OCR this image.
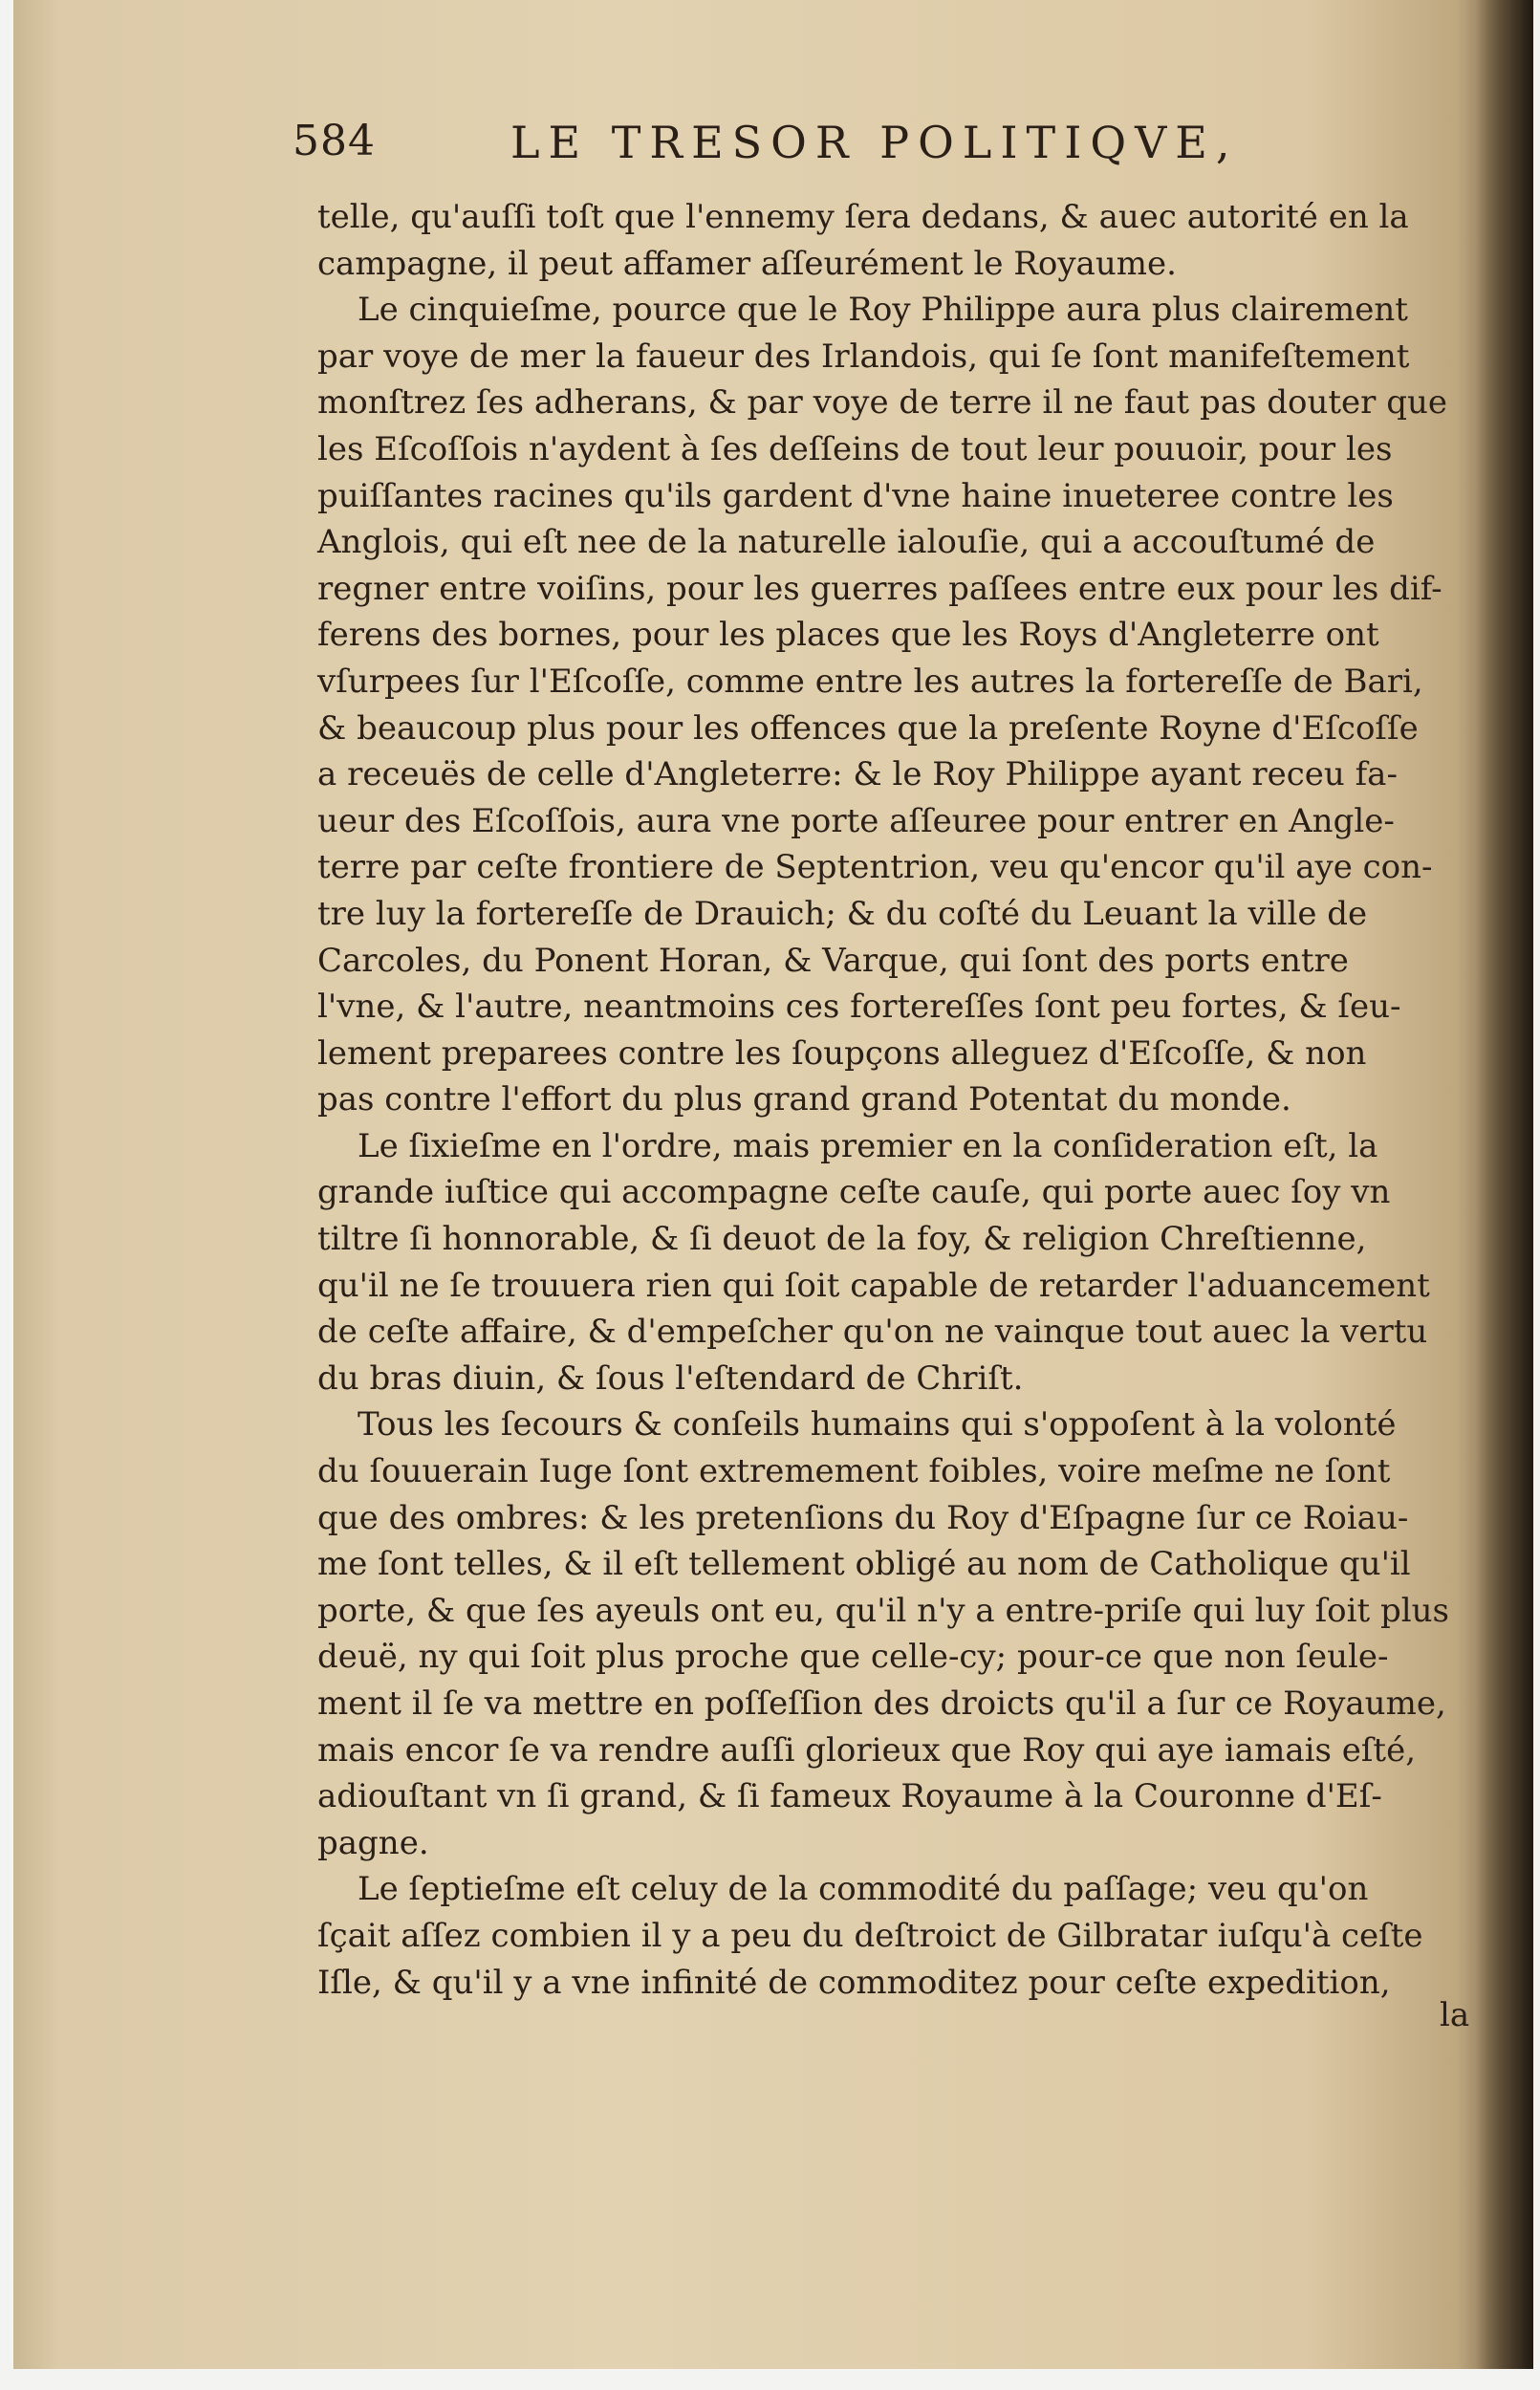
584	LE TRESOR POLITIQVE,
telle, qu'auſſi toſt que l'ennemy ſera dedans, & auec autorité en la
campagne, il peut affamer aſſeurément le Royaume.
Le cinquieſme, pource que le Roy Philippe aura plus clairement
par voye de mer la faueur des Irlandois, qui ſe ſont manifeſtement
monſtrez ſes adherans, & par voye de terre il ne faut pas douter que
les Eſcoſſois n'aydent à ſes deſſeins de tout leur pouuoir, pour les
puiſſantes racines qu'ils gardent d'vne haine inueteree contre les
Anglois, qui eſt nee de la naturelle ialouſie, qui a accouſtumé de
regner entre voiſins, pour les guerres paſſees entre eux pour les dif-
ferens des bornes, pour les places que les Roys d'Angleterre ont
vſurpees ſur l'Eſcoſſe, comme entre les autres la fortereſſe de Bari,
& beaucoup plus pour les offences que la preſente Royne d'Eſcoſſe
a receuës de celle d'Angleterre: & le Roy Philippe ayant receu fa-
ueur des Eſcoſſois, aura vne porte aſſeuree pour entrer en Angle-
terre par ceſte frontiere de Septentrion, veu qu'encor qu'il aye con-
tre luy la fortereſſe de Drauich; & du coſté du Leuant la ville de
Carcoles, du Ponent Horan, & Varque, qui ſont des ports entre
l'vne, & l'autre, neantmoins ces fortereſſes ſont peu fortes, & ſeu-
lement preparees contre les ſoupçons alleguez d'Eſcoſſe, & non
pas contre l'effort du plus grand grand Potentat du monde.
Le ſixieſme en l'ordre, mais premier en la conſideration eſt, la
grande iuſtice qui accompagne ceſte cauſe, qui porte auec ſoy vn
tiltre ſi honnorable, & ſi deuot de la foy, & religion Chreſtienne,
qu'il ne ſe trouuera rien qui ſoit capable de retarder l'aduancement
de ceſte affaire, & d'empeſcher qu'on ne vainque tout auec la vertu
du bras diuin, & ſous l'eſtendard de Chriſt.
Tous les ſecours & conſeils humains qui s'oppoſent à la volonté
du ſouuerain Iuge ſont extremement foibles, voire meſme ne ſont
que des ombres: & les pretenſions du Roy d'Eſpagne ſur ce Roiau-
me ſont telles, & il eſt tellement obligé au nom de Catholique qu'il
porte, & que ſes ayeuls ont eu, qu'il n'y a entre-priſe qui luy ſoit plus
deuë, ny qui ſoit plus proche que celle-cy; pour-ce que non ſeule-
ment il ſe va mettre en poſſeſſion des droicts qu'il a ſur ce Royaume,
mais encor ſe va rendre auſſi glorieux que Roy qui aye iamais eſté,
adiouſtant vn ſi grand, & ſi fameux Royaume à la Couronne d'Eſ-
pagne.
Le ſeptieſme eſt celuy de la commodité du paſſage; veu qu'on
ſçait aſſez combien il y a peu du deſtroict de Gilbratar iuſqu'à ceſte
Iſle, & qu'il y a vne infinité de commoditez pour ceſte expedition,
la
